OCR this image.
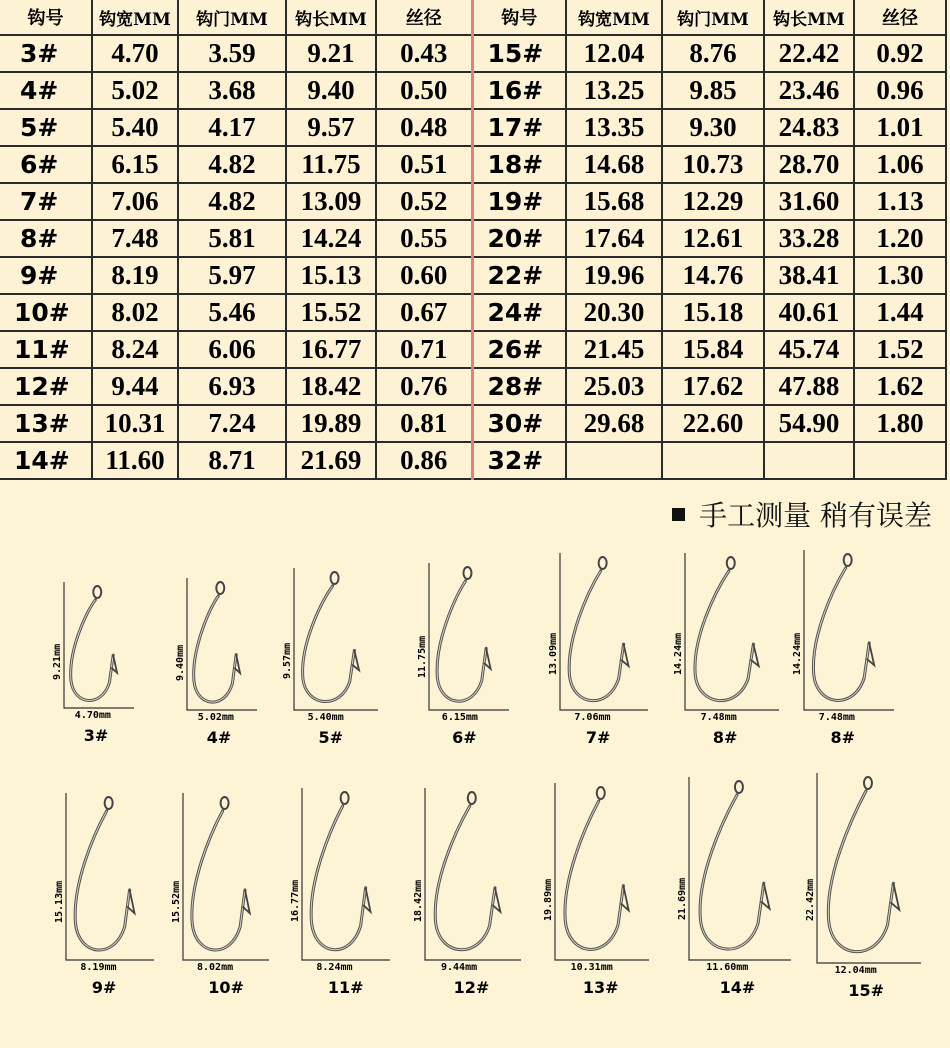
钩号	钩宽MM	钩门MM	钩长MM	丝径	钩号	钩宽MM	钩门MM	钩长MM	丝径
3#	4.70	3.59	9.21	0.43	15#	12.04	8.76	22.42	0.92
4#	5.02	3.68	9.40	0.50	16#	13.25	9.85	23.46	0.96
5#	5.40	4.17	9.57	0.48	17#	13.35	9.30	24.83	1.01
6#	6.15	4.82	11.75	0.51	18#	14.68	10.73	28.70	1.06
7#	7.06	4.82	13.09	0.52	19#	15.68	12.29	31.60	1.13
8#	7.48	5.81	14.24	0.55	20#	17.64	12.61	33.28	1.20
9#	8.19	5.97	15.13	0.60	22#	19.96	14.76	38.41	1.30
10#	8.02	5.46	15.52	0.67	24#	20.30	15.18	40.61	1.44
11#	8.24	6.06	16.77	0.71	26#	21.45	15.84	45.74	1.52
12#	9.44	6.93	18.42	0.76	28#	25.03	17.62	47.88	1.62
13#	10.31	7.24	19.89	0.81	30#	29.68	22.60	54.90	1.80
14#	11.60	8.71	21.69	0.86	32#				
手工测量 稍有误差
9.21mm
4.70mm
3#
9.40mm
5.02mm
4#
9.57mm
5.40mm
5#
11.75mm
6.15mm
6#
13.09mm
7.06mm
7#
14.24mm
7.48mm
8#
14.24mm
7.48mm
8#
15.13mm
8.19mm
9#
15.52mm
8.02mm
10#
16.77mm
8.24mm
11#
18.42mm
9.44mm
12#
19.89mm
10.31mm
13#
21.69mm
11.60mm
14#
22.42mm
12.04mm
15#
